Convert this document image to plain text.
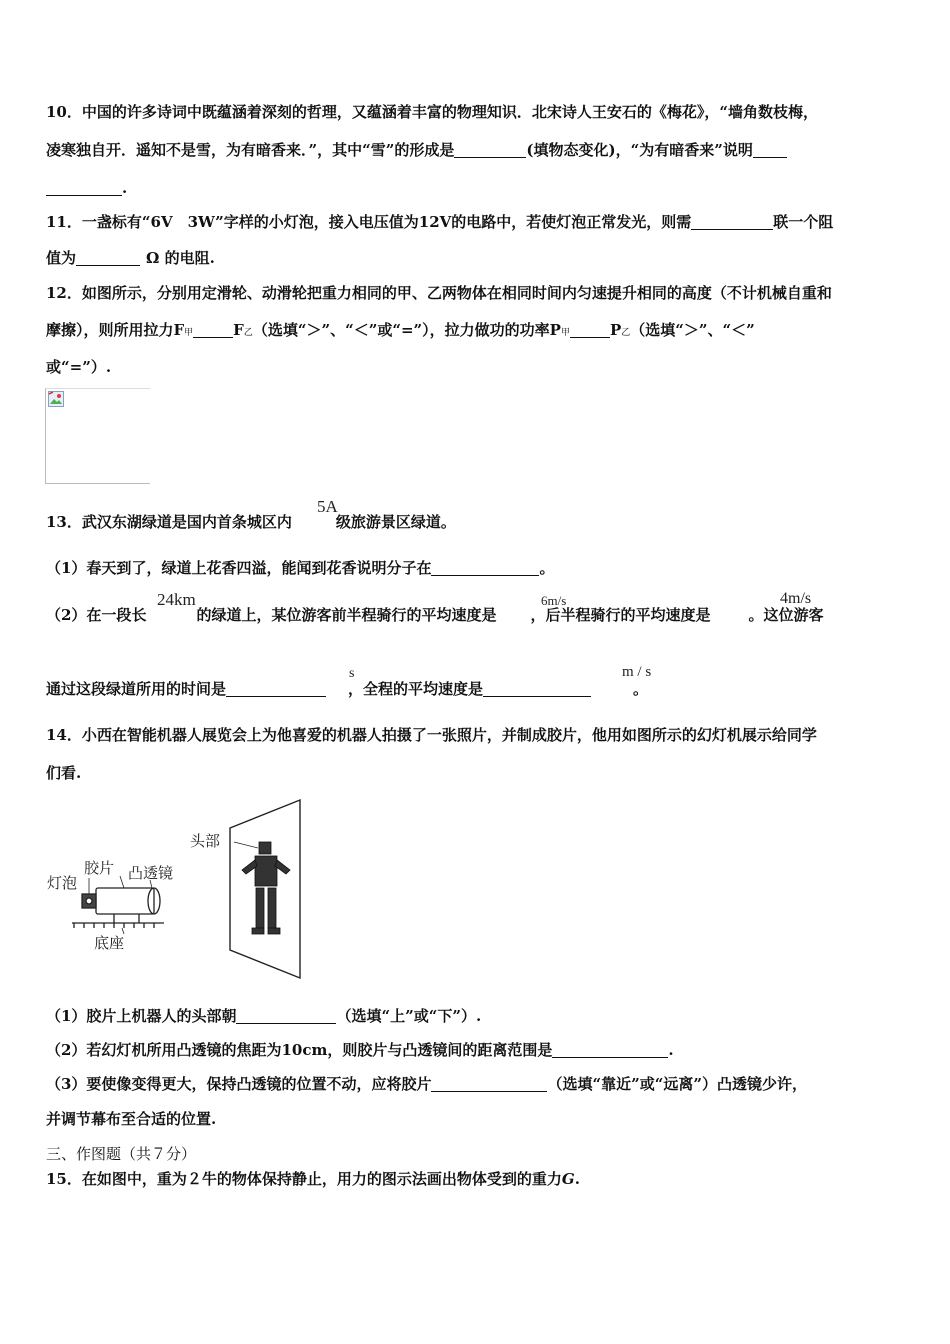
10．中国的许多诗词中既蕴涵着深刻的哲理，又蕴涵着丰富的物理知识．北宋诗人王安石的《梅花》，“墙角数枝梅，
凌寒独自开．遥知不是雪，为有暗香来．”，其中“雪”的形成是	(填物态变化)，“为有暗香来”说明
.
11．一盏标有“6V　3W”字样的小灯泡，接入电压值为12V的电路中，若使灯泡正常发光，则需	联一个阻
值为	Ω 的电阻.
12．如图所示，分别用定滑轮、动滑轮把重力相同的甲、乙两物体在相同时间内匀速提升相同的高度（不计机械自重和
摩擦），则所用拉力F甲	F乙（选填“＞”、“＜”或“=”），拉力做功的功率P甲	P乙（选填“＞”、“＜”
或“=”）.
13．武汉东湖绿道是国内首条城区内	级旅游景区绿道。
5A
（1）春天到了，绿道上花香四溢，能闻到花香说明分子在	。
（2）在一段长	的绿道上，某位游客前半程骑行的平均速度是 ，后半程骑行的平均速度是	。这位游客
24km	6m/s	4m/s
通过这段绿道所用的时间是	，全程的平均速度是	。
s	m / s
14．小西在智能机器人展览会上为他喜爱的机器人拍摄了一张照片，并制成胶片，他用如图所示的幻灯机展示给同学
们看.
灯泡
胶片 凸透镜
底座
头部
（1）胶片上机器人的头部朝	（选填“上”或“下”）.
（2）若幻灯机所用凸透镜的焦距为10cm，则胶片与凸透镜间的距离范围是	.
（3）要使像变得更大，保持凸透镜的位置不动，应将胶片	（选填“靠近”或“远离”）凸透镜少许，
并调节幕布至合适的位置.
三、作图题（共７分）
15．在如图中，重为２牛的物体保持静止，用力的图示法画出物体受到的重力G.
